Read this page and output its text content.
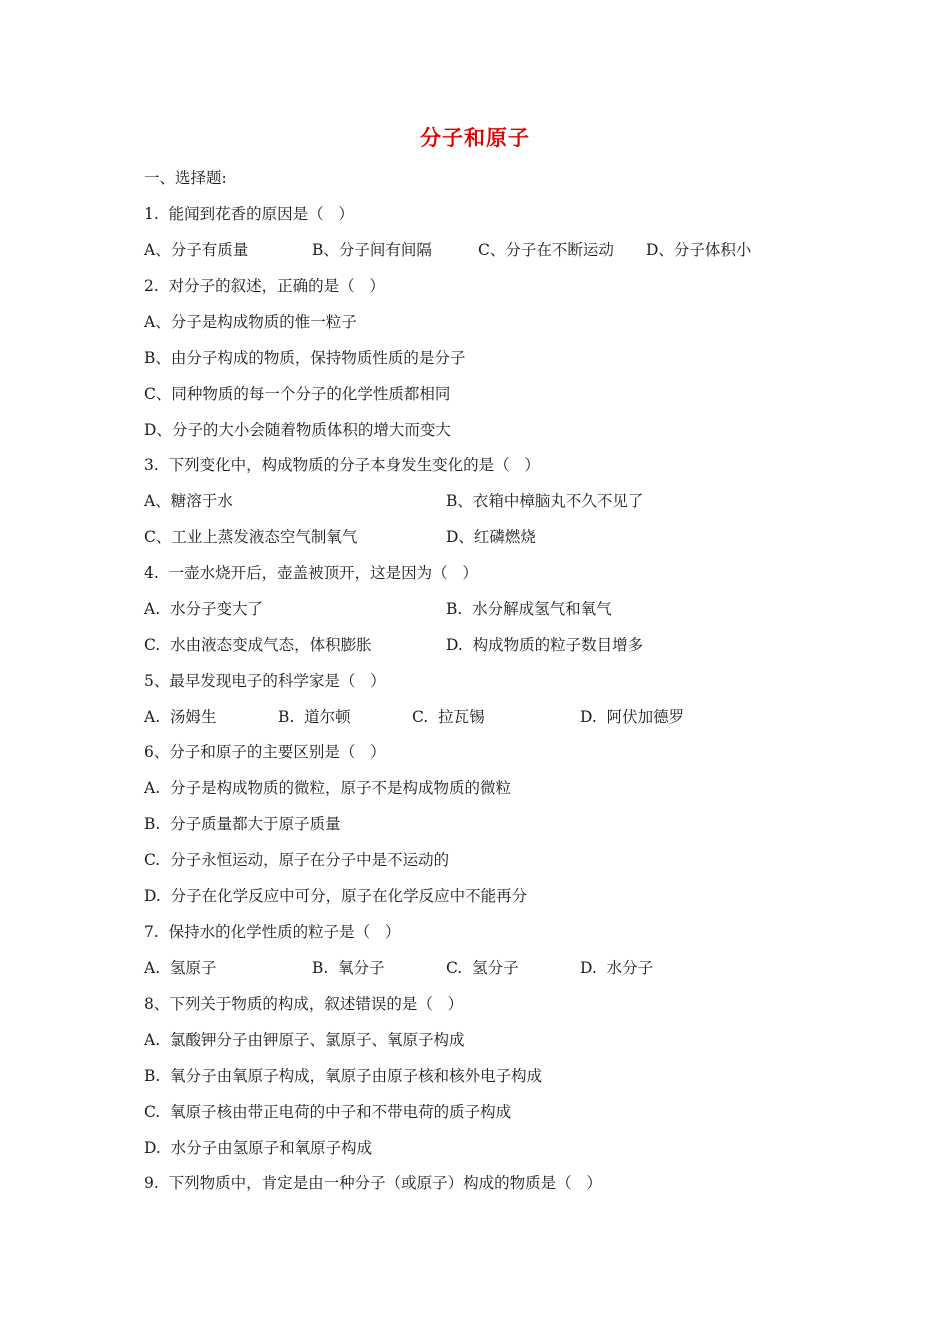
分子和原子
一、选择题:
1.  能闻到花香的原因是（   ）
A、分子有质量	B、分子间有间隔	C、分子在不断运动 D、分子体积小
2.  对分子的叙述，正确的是（   ）
A、分子是构成物质的惟一粒子
B、由分子构成的物质，保持物质性质的是分子
C、同种物质的每一个分子的化学性质都相同
D、分子的大小会随着物质体积的增大而变大
3.  下列变化中，构成物质的分子本身发生变化的是（   ）
A、糖溶于水	B、衣箱中樟脑丸不久不见了
C、工业上蒸发液态空气制氧气	D、红磷燃烧
4.  一壶水烧开后，壶盖被顶开，这是因为（   ）
A.  水分子变大了	B.  水分解成氢气和氧气
C.  水由液态变成气态，体积膨胀	D.  构成物质的粒子数目增多
5、最早发现电子的科学家是（   ）
A.  汤姆生	B.  道尔顿	C.  拉瓦锡	D.  阿伏加德罗
6、分子和原子的主要区别是（   ）
A.  分子是构成物质的微粒，原子不是构成物质的微粒
B.  分子质量都大于原子质量
C.  分子永恒运动，原子在分子中是不运动的
D.  分子在化学反应中可分，原子在化学反应中不能再分
7.  保持水的化学性质的粒子是（   ）
A.  氢原子	B.  氧分子	C.  氢分子	D.  水分子
8、下列关于物质的构成，叙述错误的是（   ）
A.  氯酸钾分子由钾原子、氯原子、氧原子构成
B.  氧分子由氧原子构成，氧原子由原子核和核外电子构成
C.  氧原子核由带正电荷的中子和不带电荷的质子构成
D.  水分子由氢原子和氧原子构成
9.  下列物质中，肯定是由一种分子（或原子）构成的物质是（   ）
